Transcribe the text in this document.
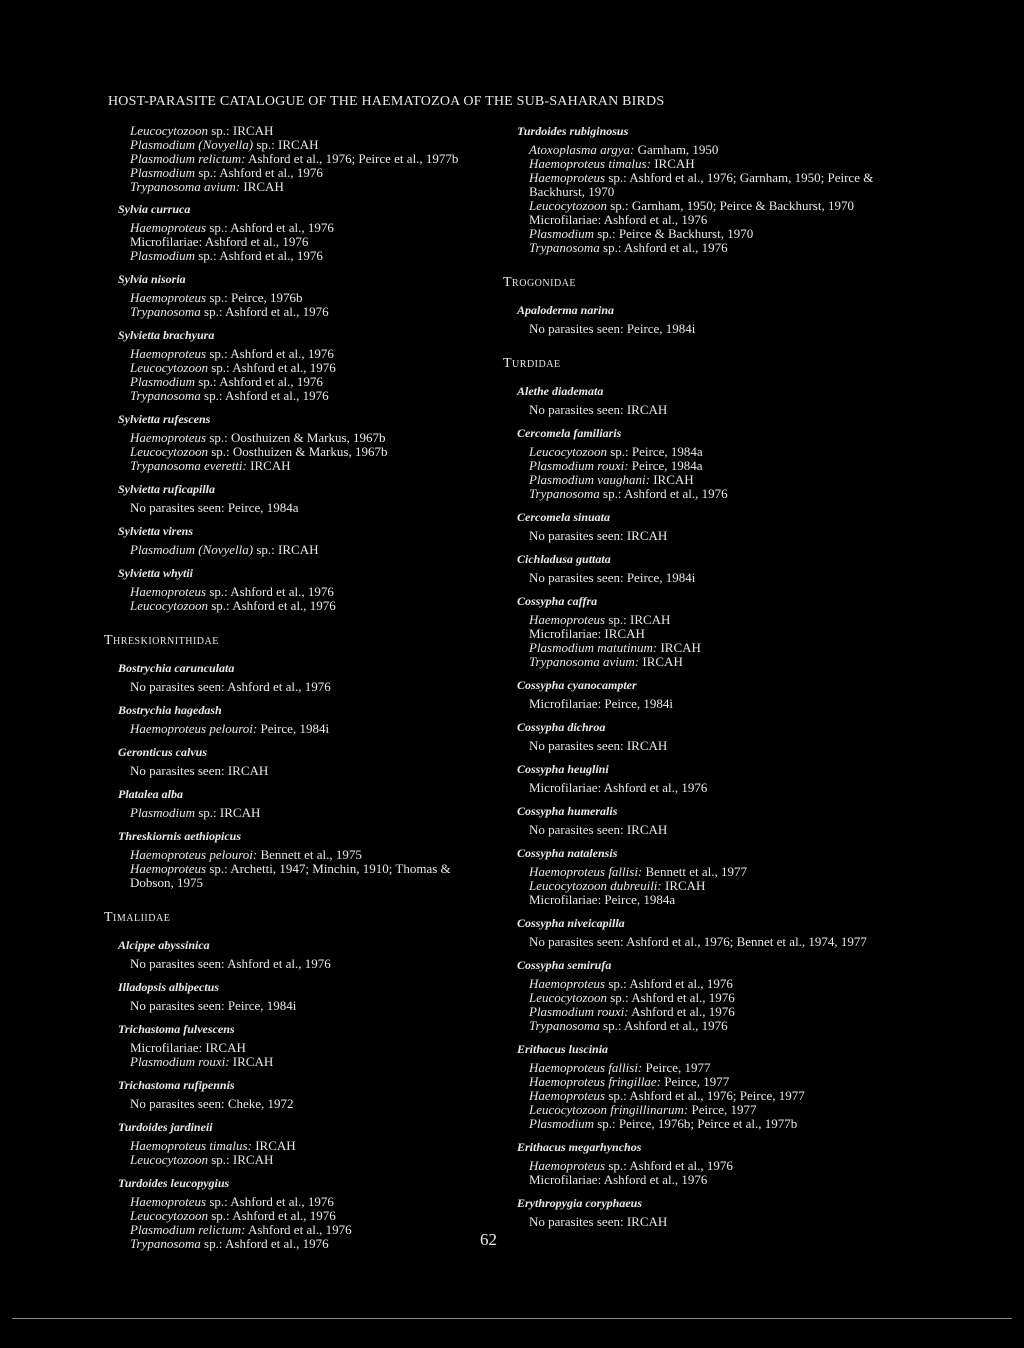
HOST-PARASITE CATALOGUE OF THE HAEMATOZOA OF THE SUB-SAHARAN BIRDS
Leucocytozoon sp.: IRCAH
Plasmodium (Novyella) sp.: IRCAH
Plasmodium relictum: Ashford et al., 1976; Peirce et al., 1977b
Plasmodium sp.: Ashford et al., 1976
Trypanosoma avium: IRCAH
Sylvia curruca
Haemoproteus sp.: Ashford et al., 1976
Microfilariae: Ashford et al., 1976
Plasmodium sp.: Ashford et al., 1976
Sylvia nisoria
Haemoproteus sp.: Peirce, 1976b
Trypanosoma sp.: Ashford et al., 1976
Sylvietta brachyura
Haemoproteus sp.: Ashford et al., 1976
Leucocytozoon sp.: Ashford et al., 1976
Plasmodium sp.: Ashford et al., 1976
Trypanosoma sp.: Ashford et al., 1976
Sylvietta rufescens
Haemoproteus sp.: Oosthuizen & Markus, 1967b
Leucocytozoon sp.: Oosthuizen & Markus, 1967b
Trypanosoma everetti: IRCAH
Sylvietta ruficapilla
No parasites seen: Peirce, 1984a
Sylvietta virens
Plasmodium (Novyella) sp.: IRCAH
Sylvietta whytii
Haemoproteus sp.: Ashford et al., 1976
Leucocytozoon sp.: Ashford et al., 1976
Threskiornithidae
Bostrychia carunculata
No parasites seen: Ashford et al., 1976
Bostrychia hagedash
Haemoproteus pelouroi: Peirce, 1984i
Geronticus calvus
No parasites seen: IRCAH
Platalea alba
Plasmodium sp.: IRCAH
Threskiornis aethiopicus
Haemoproteus pelouroi: Bennett et al., 1975
Haemoproteus sp.: Archetti, 1947; Minchin, 1910; Thomas & Dobson, 1975
Timaliidae
Alcippe abyssinica
No parasites seen: Ashford et al., 1976
Illadopsis albipectus
No parasites seen: Peirce, 1984i
Trichastoma fulvescens
Microfilariae: IRCAH
Plasmodium rouxi: IRCAH
Trichastoma rufipennis
No parasites seen: Cheke, 1972
Turdoides jardineii
Haemoproteus timalus: IRCAH
Leucocytozoon sp.: IRCAH
Turdoides leucopygius
Haemoproteus sp.: Ashford et al., 1976
Leucocytozoon sp.: Ashford et al., 1976
Plasmodium relictum: Ashford et al., 1976
Trypanosoma sp.: Ashford et al., 1976
Turdoides rubiginosus
Atoxoplasma argya: Garnham, 1950
Haemoproteus timalus: IRCAH
Haemoproteus sp.: Ashford et al., 1976; Garnham, 1950; Peirce & Backhurst, 1970
Leucocytozoon sp.: Garnham, 1950; Peirce & Backhurst, 1970
Microfilariae: Ashford et al., 1976
Plasmodium sp.: Peirce & Backhurst, 1970
Trypanosoma sp.: Ashford et al., 1976
Trogonidae
Apaloderma narina
No parasites seen: Peirce, 1984i
Turdidae
Alethe diademata
No parasites seen: IRCAH
Cercomela familiaris
Leucocytozoon sp.: Peirce, 1984a
Plasmodium rouxi: Peirce, 1984a
Plasmodium vaughani: IRCAH
Trypanosoma sp.: Ashford et al., 1976
Cercomela sinuata
No parasites seen: IRCAH
Cichladusa guttata
No parasites seen: Peirce, 1984i
Cossypha caffra
Haemoproteus sp.: IRCAH
Microfilariae: IRCAH
Plasmodium matutinum: IRCAH
Trypanosoma avium: IRCAH
Cossypha cyanocampter
Microfilariae: Peirce, 1984i
Cossypha dichroa
No parasites seen: IRCAH
Cossypha heuglini
Microfilariae: Ashford et al., 1976
Cossypha humeralis
No parasites seen: IRCAH
Cossypha natalensis
Haemoproteus fallisi: Bennett et al., 1977
Leucocytozoon dubreuili: IRCAH
Microfilariae: Peirce, 1984a
Cossypha niveicapilla
No parasites seen: Ashford et al., 1976; Bennet et al., 1974, 1977
Cossypha semirufa
Haemoproteus sp.: Ashford et al., 1976
Leucocytozoon sp.: Ashford et al., 1976
Plasmodium rouxi: Ashford et al., 1976
Trypanosoma sp.: Ashford et al., 1976
Erithacus luscinia
Haemoproteus fallisi: Peirce, 1977
Haemoproteus fringillae: Peirce, 1977
Haemoproteus sp.: Ashford et al., 1976; Peirce, 1977
Leucocytozoon fringillinarum: Peirce, 1977
Plasmodium sp.: Peirce, 1976b; Peirce et al., 1977b
Erithacus megarhynchos
Haemoproteus sp.: Ashford et al., 1976
Microfilariae: Ashford et al., 1976
Erythropygia coryphaeus
No parasites seen: IRCAH
62
